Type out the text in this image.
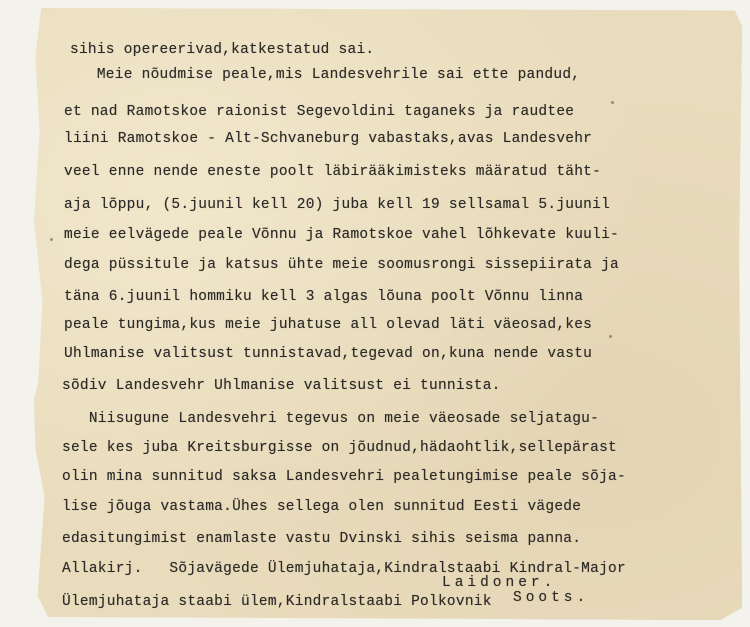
sihis opereerivad,katkestatud sai.
Meie nõudmise peale,mis Landesvehrile sai ette pandud,
et nad Ramotskoe raionist Segevoldini taganeks ja raudtee
liini Ramotskoe - Alt-Schvaneburg vabastaks,avas Landesvehr
veel enne nende eneste poolt läbirääkimisteks määratud täht-
aja lõppu, (5.juunil kell 20) juba kell 19 sellsamal 5.juunil
meie eelvägede peale Võnnu ja Ramotskoe vahel lõhkevate kuuli-
dega püssitule ja katsus ühte meie soomusrongi sissepiirata ja
täna 6.juunil hommiku kell 3 algas lõuna poolt Võnnu linna
peale tungima,kus meie juhatuse all olevad läti väeosad,kes
Uhlmanise valitsust tunnistavad,tegevad on,kuna nende vastu
sõdiv Landesvehr Uhlmanise valitsust ei tunnista.
Niisugune Landesvehri tegevus on meie väeosade seljatagu-
sele kes juba Kreitsburgisse on jõudnud,hädaohtlik,sellepärast
olin mina sunnitud saksa Landesvehri pealetungimise peale sõja-
lise jõuga vastama.Ühes sellega olen sunnitud Eesti vägede
edasitungimist enamlaste vastu Dvinski sihis seisma panna.
Allakirj.   Sõjavägede Ülemjuhataja,Kindralstaabi Kindral-Major
Laidoner.
Ülemjuhataja staabi ülem,Kindralstaabi Polkovnik Soots.
